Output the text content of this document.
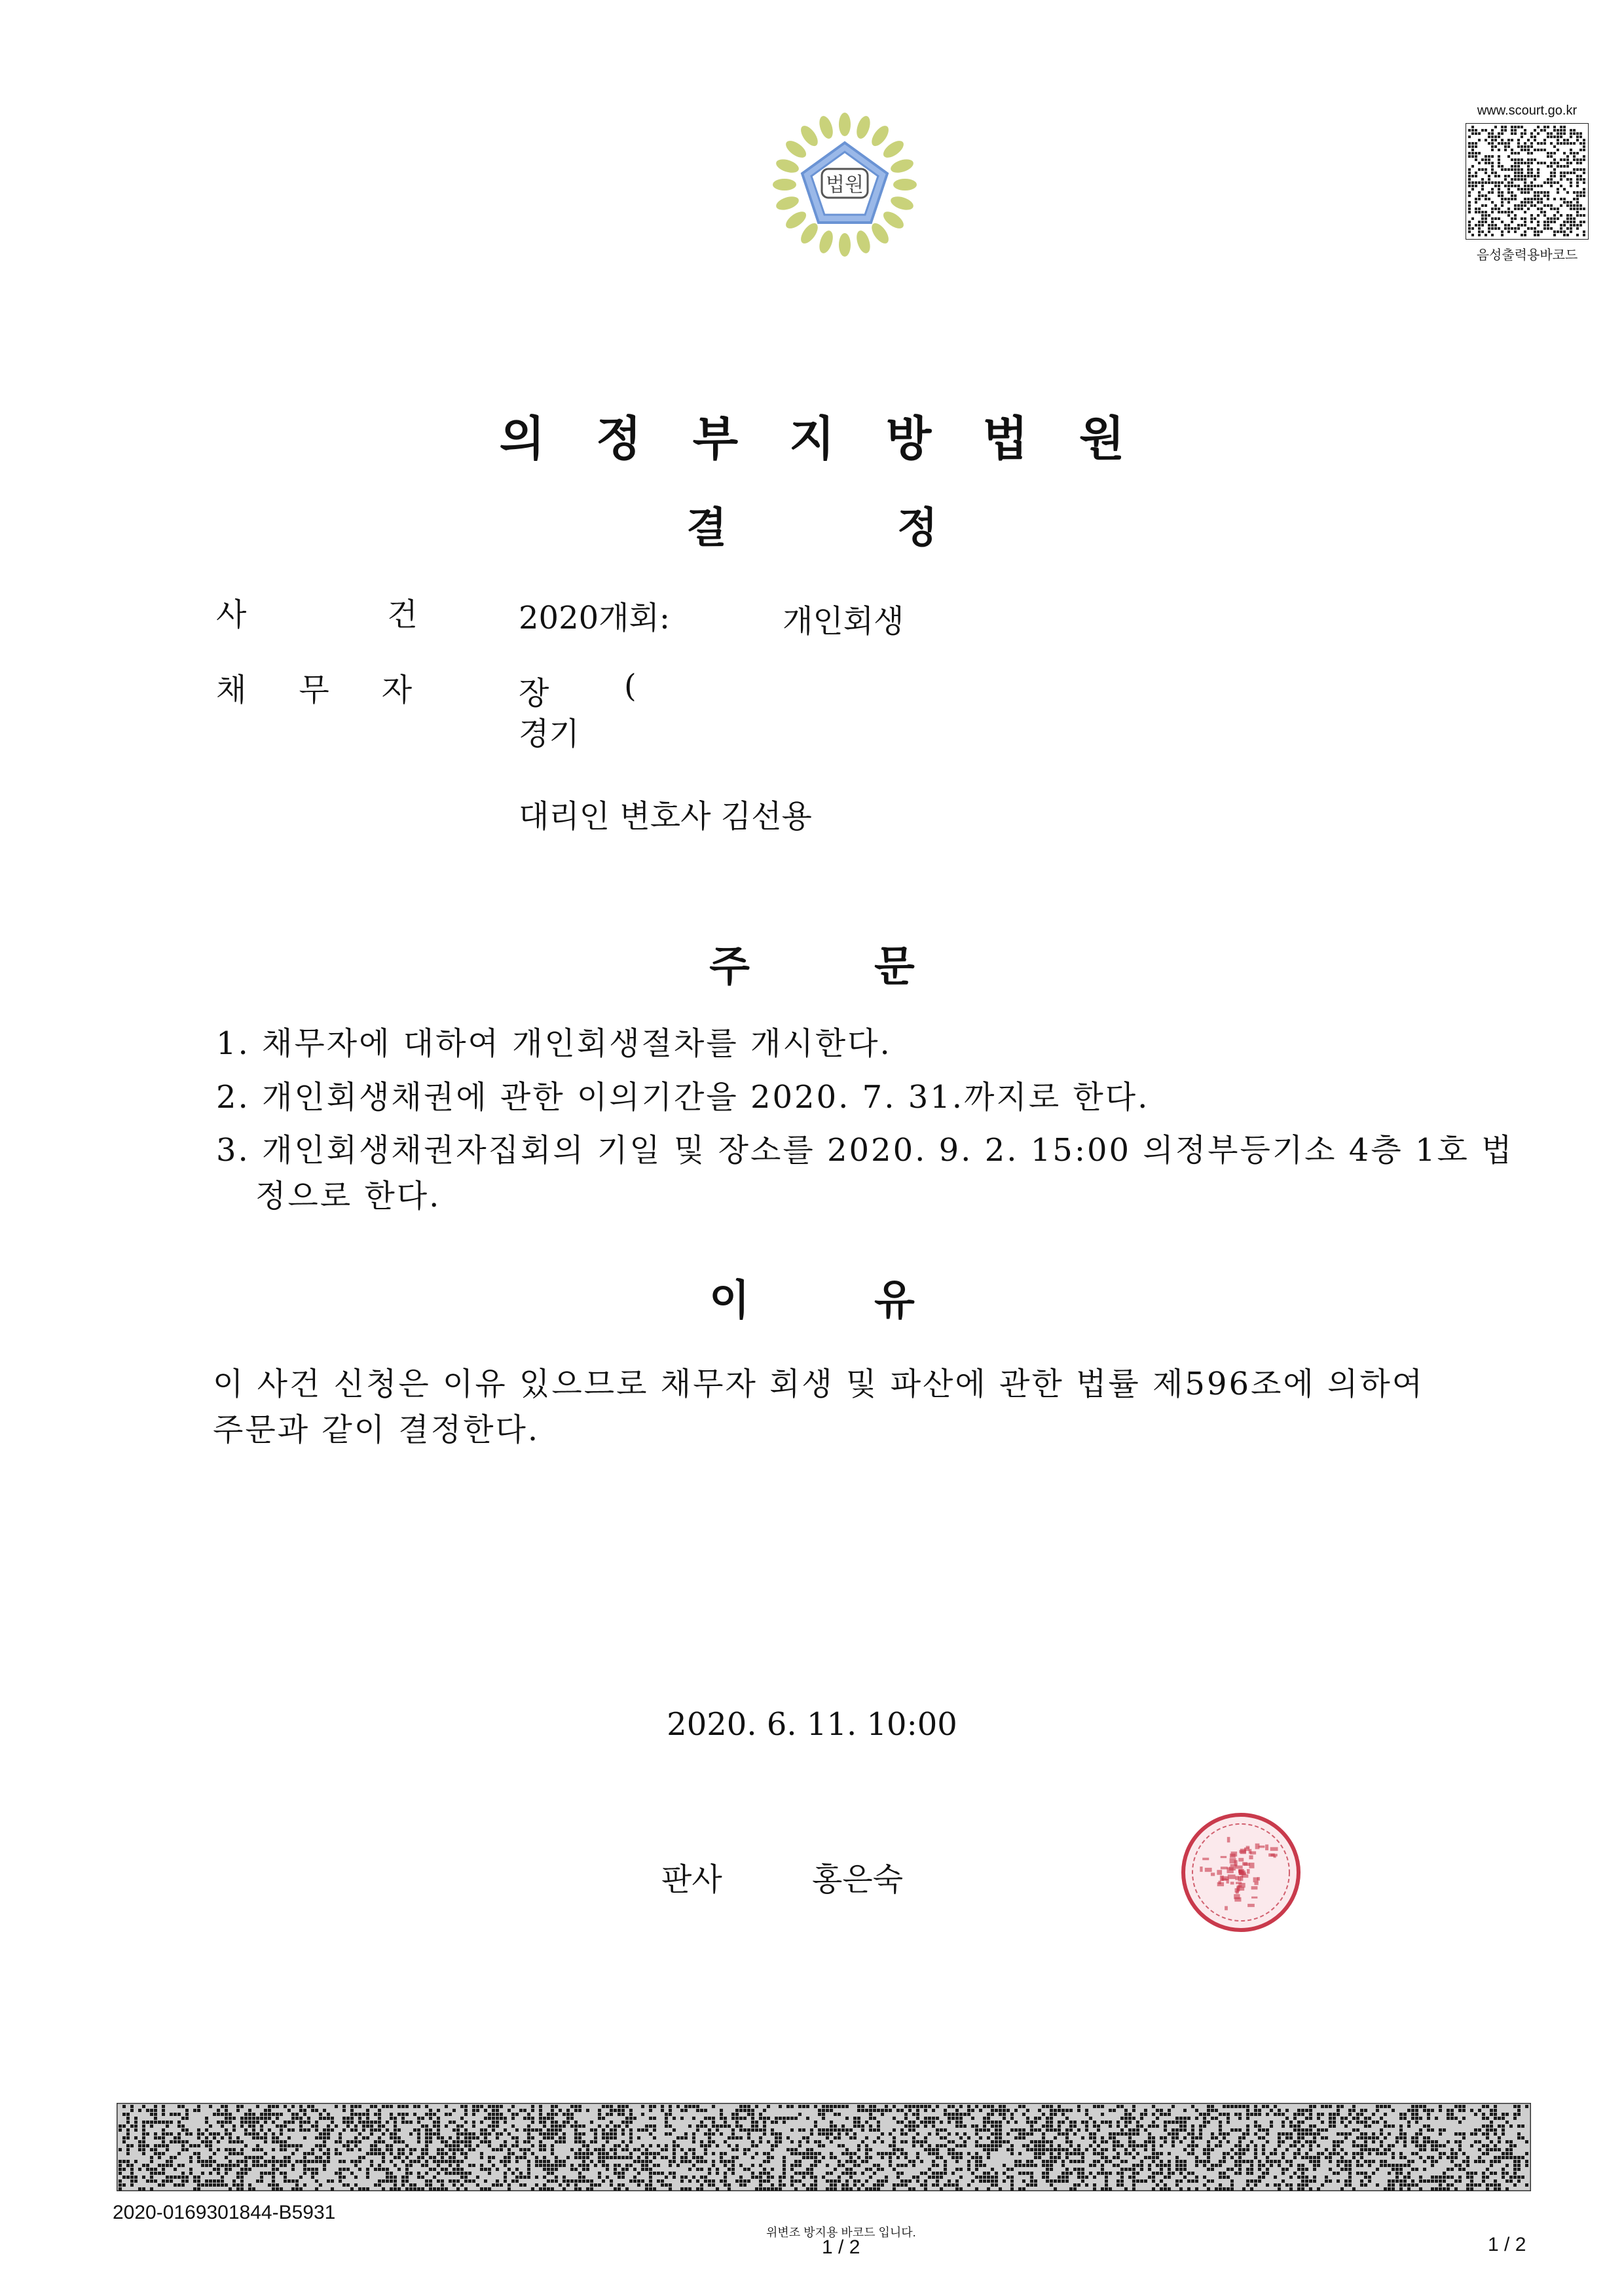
법원
www.scourt.go.kr
음성출력용바코드
의정부지방법원
결	정
사	건	2020개회:	개인회생
채 무 자	장 (
경기
대리인 변호사 김선용
주	문
1. 채무자에 대하여 개인회생절차를 개시한다.
2. 개인회생채권에 관한 이의기간을 2020. 7. 31.까지로 한다.
3. 개인회생채권자집회의 기일 및 장소를 2020. 9. 2. 15:00 의정부등기소 4층 1호 법
정으로 한다.
이	유
이 사건 신청은 이유 있으므로 채무자 회생 및 파산에 관한 법률 제596조에 의하여
주문과 같이 결정한다.
2020. 6. 11. 10:00
판사	홍은숙
2020-0169301844-B5931
위변조 방지용 바코드 입니다.
1 / 2	1 / 2
